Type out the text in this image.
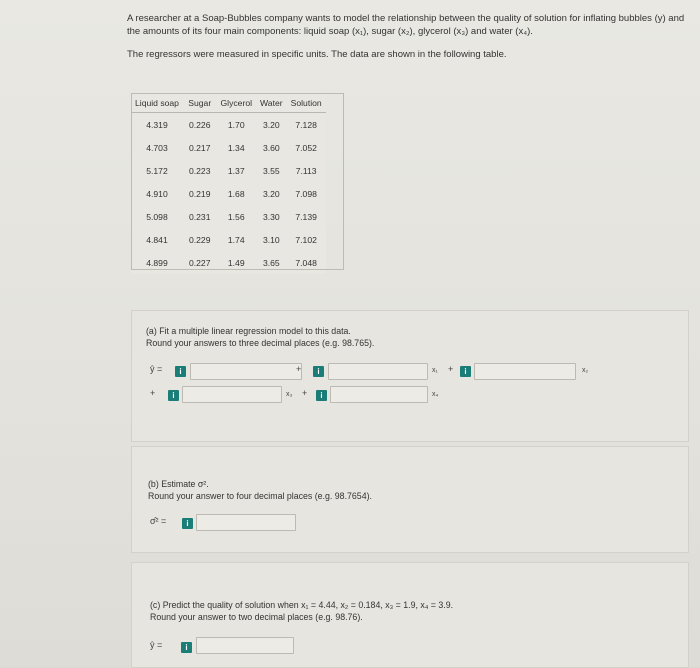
A researcher at a Soap-Bubbles company wants to model the relationship between the quality of solution for inflating bubbles (y) and

the amounts of its four main components: liquid soap (x₁), sugar (x₂), glycerol (x₃) and water (x₄).

The regressors were measured in specific units. The data are shown in the following table.

Liquid soap	Sugar	Glycerol	Water	Solution
4.319	0.226	1.70	3.20	7.128
4.703	0.217	1.34	3.60	7.052
5.172	0.223	1.37	3.55	7.113
4.910	0.219	1.68	3.20	7.098
5.098	0.231	1.56	3.30	7.139
4.841	0.229	1.74	3.10	7.102
4.899	0.227	1.49	3.65	7.048

(a) Fit a multiple linear regression model to this data.

Round your answers to three decimal places (e.g. 98.765).

ŷ =	i	+	i	x₁ +	i	x₂
+	i	x₃ +	i	x₄

(b) Estimate σ².

Round your answer to four decimal places (e.g. 98.7654).

σ̂² =	i

(c) Predict the quality of solution when x₁ = 4.44, x₂ = 0.184, x₃ = 1.9, x₄ = 3.9.

Round your answer to two decimal places (e.g. 98.76).

ŷ =	i
